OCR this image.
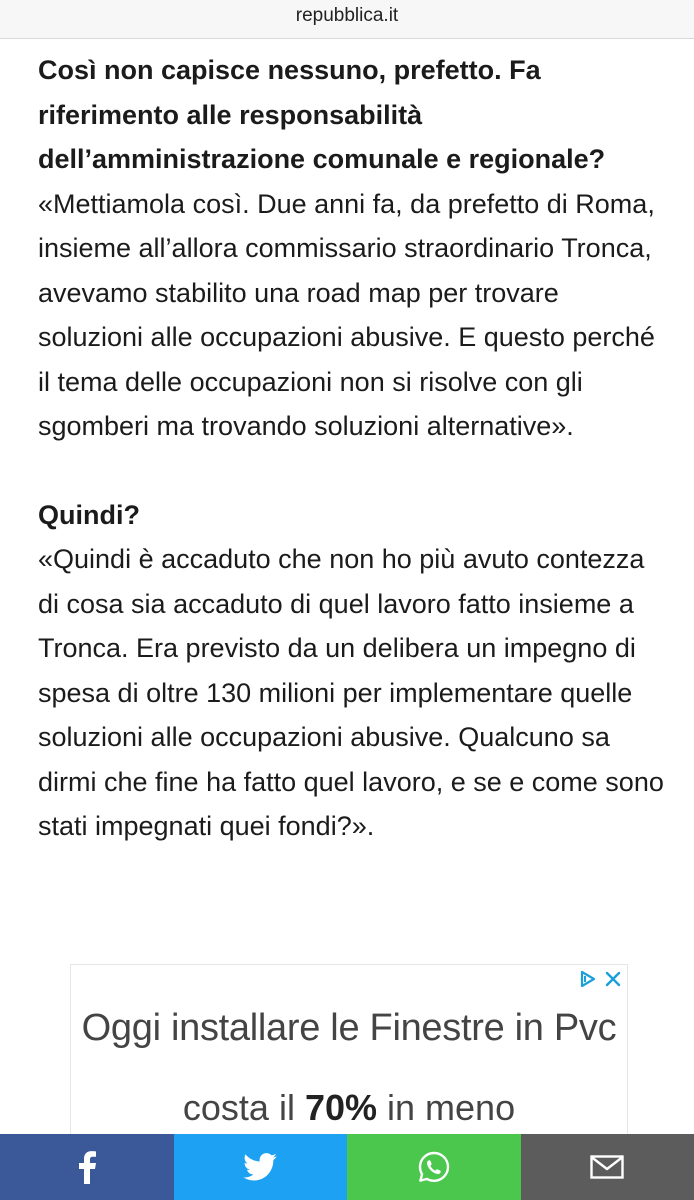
repubblica.it

Così non capisce nessuno, prefetto. Fa riferimento alle responsabilità dell’amministrazione comunale e regionale?

«Mettiamola così. Due anni fa, da prefetto di Roma, insieme all’allora commissario straordinario Tronca, avevamo stabilito una road map per trovare soluzioni alle occupazioni abusive. E questo perché il tema delle occupazioni non si risolve con gli sgomberi ma trovando soluzioni alternative».

Quindi?

«Quindi è accaduto che non ho più avuto contezza di cosa sia accaduto di quel lavoro fatto insieme a Tronca. Era previsto da un delibera un impegno di spesa di oltre 130 milioni per implementare quelle soluzioni alle occupazioni abusive. Qualcuno sa dirmi che fine ha fatto quel lavoro, e se e come sono stati impegnati quei fondi?».

Oggi installare le Finestre in Pvc
costa il 70% in meno
